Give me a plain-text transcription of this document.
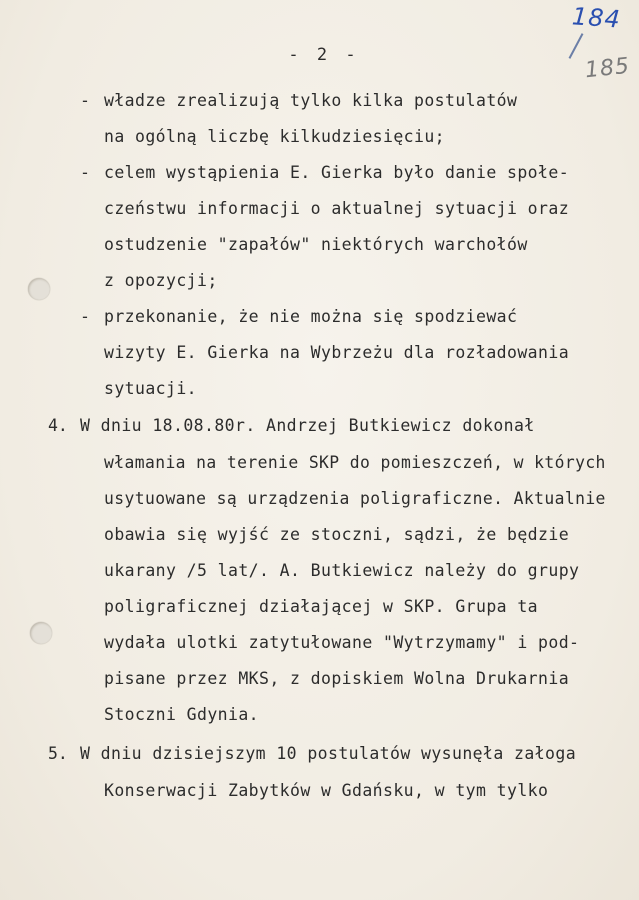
184
185
- 2 -
- władze zrealizują tylko kilka postulatów
na ogólną liczbę kilkudziesięciu;
- celem wystąpienia E. Gierka było danie społe-
czeństwu informacji o aktualnej sytuacji oraz
ostudzenie "zapałów" niektórych warchołów
z opozycji;
- przekonanie, że nie można się spodziewać
wizyty E. Gierka na Wybrzeżu dla rozładowania
sytuacji.
4. W dniu 18.08.80r. Andrzej Butkiewicz dokonał
włamania na terenie SKP do pomieszczeń, w których
usytuowane są urządzenia poligraficzne. Aktualnie
obawia się wyjść ze stoczni, sądzi, że będzie
ukarany /5 lat/. A. Butkiewicz należy do grupy
poligraficznej działającej w SKP. Grupa ta
wydała ulotki zatytułowane "Wytrzymamy" i pod-
pisane przez MKS, z dopiskiem Wolna Drukarnia
Stoczni Gdynia.
5. W dniu dzisiejszym 10 postulatów wysunęła załoga
Konserwacji Zabytków w Gdańsku, w tym tylko
